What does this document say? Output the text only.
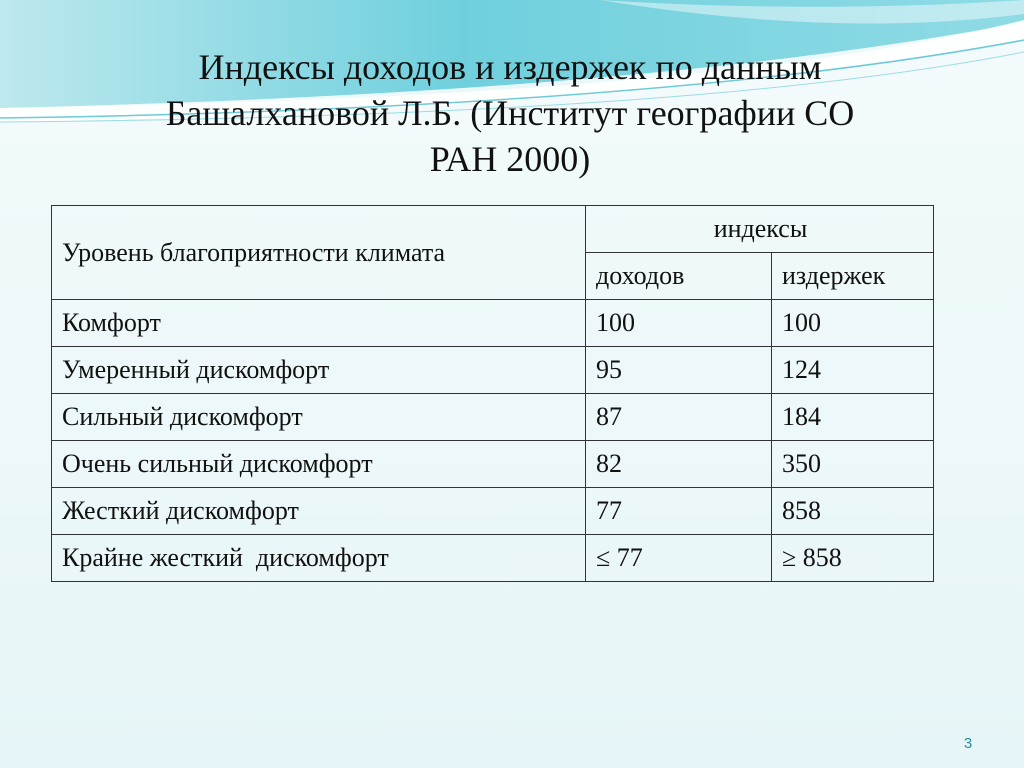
Индексы доходов и издержек по данным
Башалхановой Л.Б. (Институт географии СО
РАН 2000)
Уровень благоприятности климата	индексы	
	доходов	издержек
Комфорт	100	100
Умеренный дискомфорт	95	124
Сильный дискомфорт	87	184
Очень сильный дискомфорт	82	350
Жесткий дискомфорт	77	858
Крайне жесткий  дискомфорт	≤ 77	≥ 858
3
